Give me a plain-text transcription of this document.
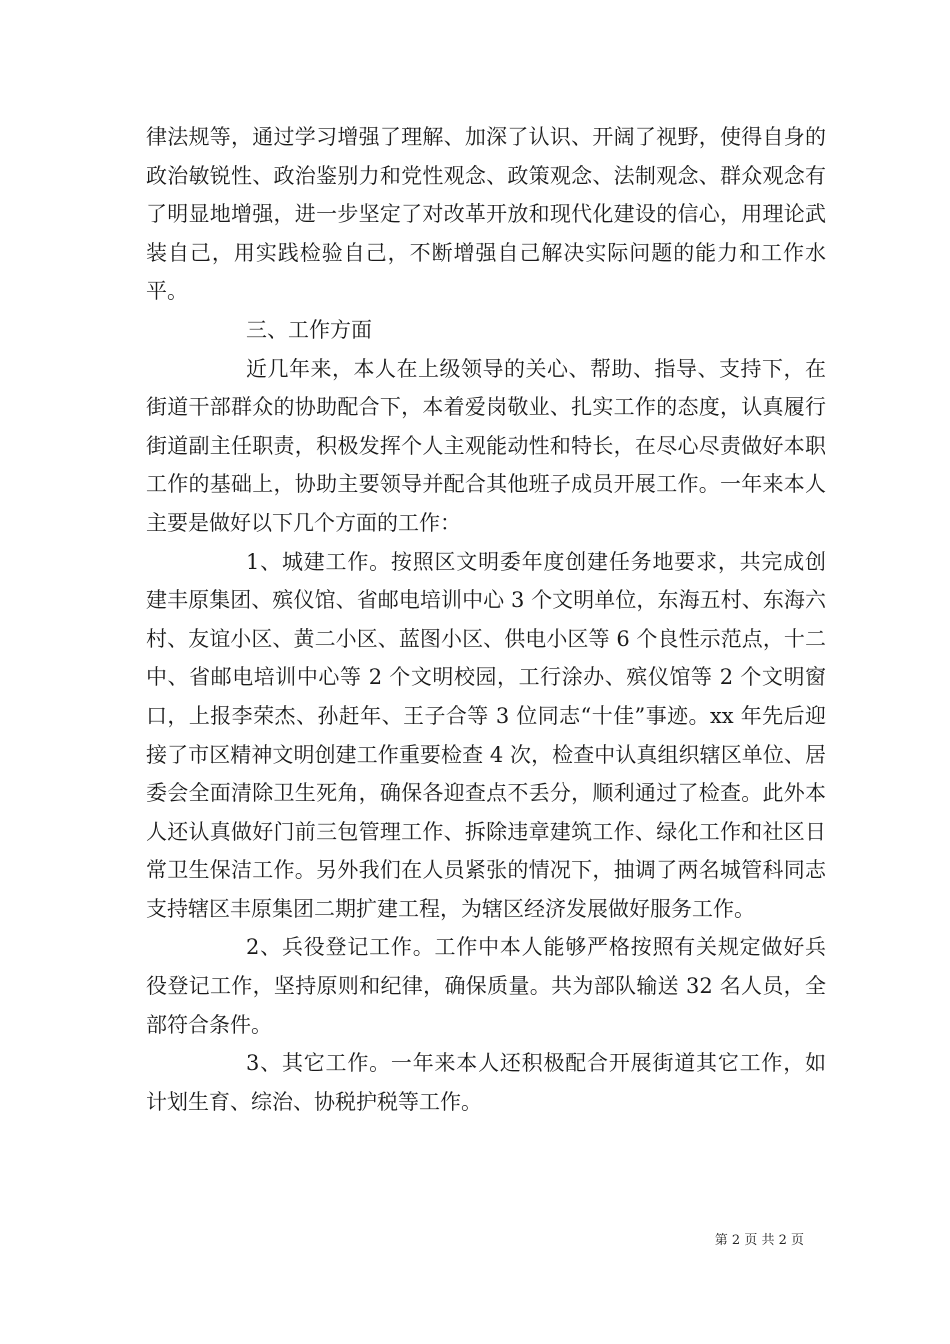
律法规等，通过学习增强了理解、加深了认识、开阔了视野，使得自身的政治敏锐性、政治鉴别力和党性观念、政策观念、法制观念、群众观念有了明显地增强，进一步坚定了对改革开放和现代化建设的信心，用理论武装自己，用实践检验自己，不断增强自己解决实际问题的能力和工作水平。

三、工作方面

近几年来，本人在上级领导的关心、帮助、指导、支持下，在街道干部群众的协助配合下，本着爱岗敬业、扎实工作的态度，认真履行街道副主任职责，积极发挥个人主观能动性和特长，在尽心尽责做好本职工作的基础上，协助主要领导并配合其他班子成员开展工作。一年来本人主要是做好以下几个方面的工作：

1、城建工作。按照区文明委年度创建任务地要求，共完成创建丰原集团、殡仪馆、省邮电培训中心 3 个文明单位，东海五村、东海六村、友谊小区、黄二小区、蓝图小区、供电小区等 6 个良性示范点，十二中、省邮电培训中心等 2 个文明校园，工行涂办、殡仪馆等 2 个文明窗口，上报李荣杰、孙赶年、王子合等 3 位同志“十佳”事迹。xx 年先后迎接了市区精神文明创建工作重要检查 4 次，检查中认真组织辖区单位、居委会全面清除卫生死角，确保各迎查点不丢分，顺利通过了检查。此外本人还认真做好门前三包管理工作、拆除违章建筑工作、绿化工作和社区日常卫生保洁工作。另外我们在人员紧张的情况下，抽调了两名城管科同志支持辖区丰原集团二期扩建工程，为辖区经济发展做好服务工作。

2、兵役登记工作。工作中本人能够严格按照有关规定做好兵役登记工作，坚持原则和纪律，确保质量。共为部队输送 32 名人员，全部符合条件。

3、其它工作。一年来本人还积极配合开展街道其它工作，如计划生育、综治、协税护税等工作。

第 2 页 共 2 页
